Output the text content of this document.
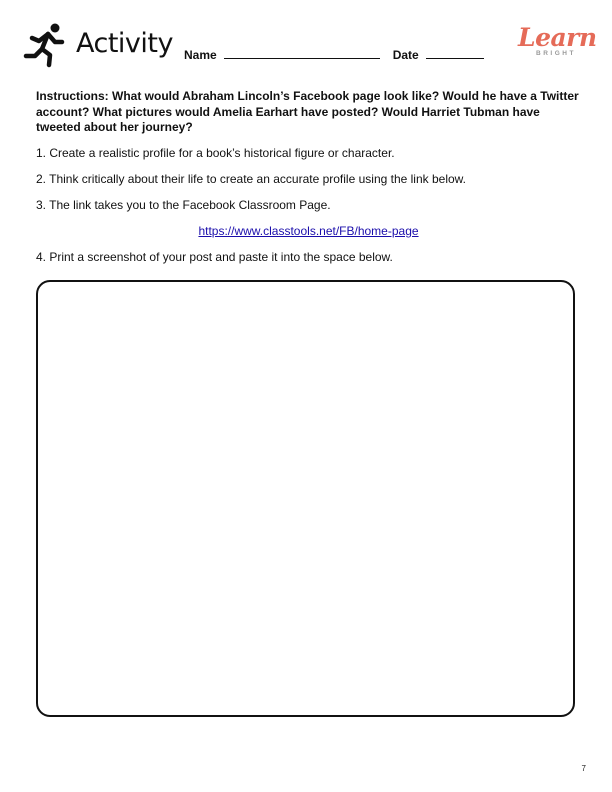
Activity Name	Date
Learn
BRIGHT

Instructions: What would Abraham Lincoln’s Facebook page look like? Would he have a Twitter account? What pictures would Amelia Earhart have posted? Would Harriet Tubman have tweeted about her journey?

1. Create a realistic profile for a book’s historical figure or character.

2. Think critically about their life to create an accurate profile using the link below.

3. The link takes you to the Facebook Classroom Page.

https://www.classtools.net/FB/home-page

4. Print a screenshot of your post and paste it into the space below.

7
